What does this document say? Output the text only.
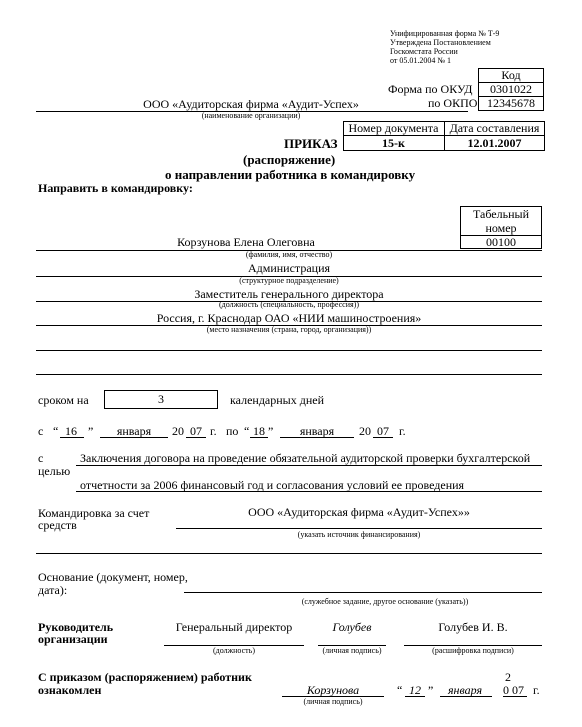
Унифицированная форма № Т-9
Утверждена Постановлением
Госкомстата России
от 05.01.2004 № 1
Код
Форма по ОКУД	0301022
по ОКПО 12345678
ООО «Аудиторская фирма «Аудит-Успех»
(наименование организации)
Номер документа Дата составления
15-к	12.01.2007
ПРИКАЗ
(распоряжение)
о направлении работника в командировку
Направить в командировку:
Табельный
номер
00100
Корзунова Елена Олеговна
(фамилия, имя, отчество)
Администрация
(структурное подразделение)
Заместитель генерального директора
(должность (специальность, профессия))
Россия, г. Краснодар ОАО «НИИ машиностроения»
(место назначения (страна, город, организация))
сроком на	3	календарных дней
с “ 16 ”	января	20 07 г. по “ 18 ”	января	20 07 г.
с
целью
Заключения договора на проведение обязательной аудиторской проверки бухгалтерской
отчетности за 2006 финансовый год и согласования условий ее проведения
Командировка за счет
средств
ООО «Аудиторская фирма «Аудит-Успех»»
(указать источник финансирования)
Основание (документ, номер,
дата):
(служебное задание, другое основание (указать))
Руководитель
организации
Генеральный директор
(должность)
Голубев
(личная подпись)
Голубев И. В.
(расшифровка подписи)
С приказом (распоряжением) работник
ознакомлен	Корзунова
(личная подпись)
“ 12 ”	января
2
0 07 г.
